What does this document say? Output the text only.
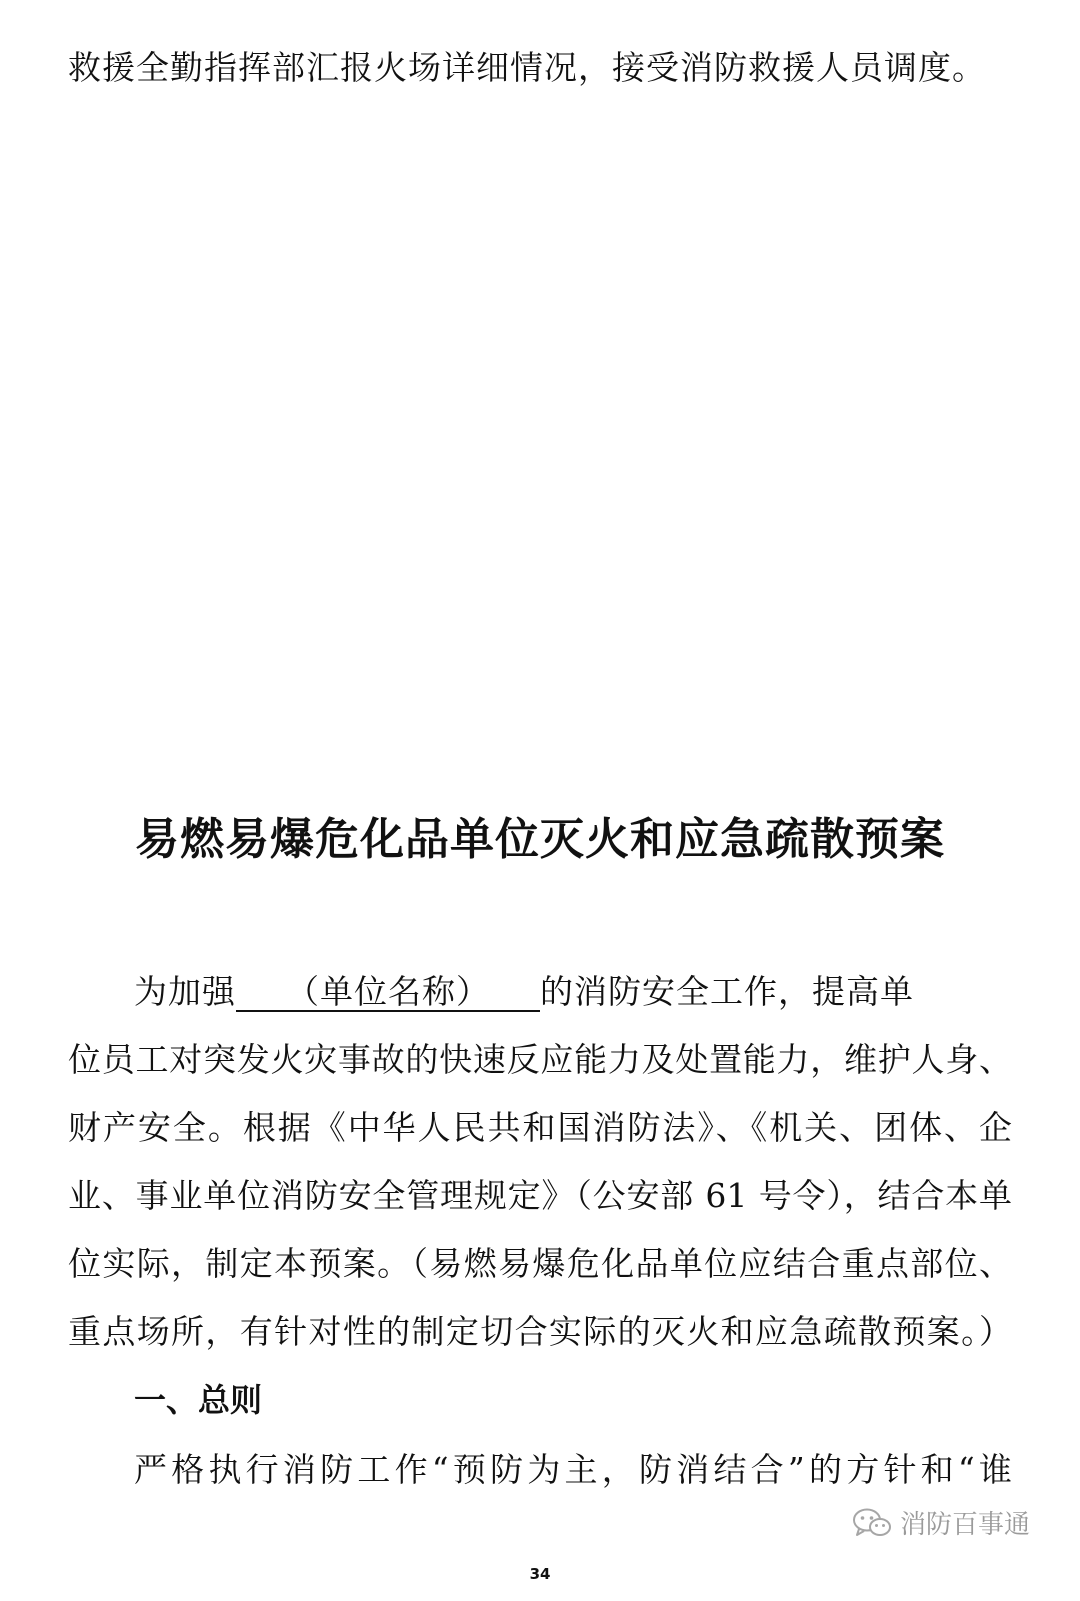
救援全勤指挥部汇报火场详细情况，接受消防救援人员调度。
易燃易爆危化品单位灭火和应急疏散预案
为加强 （单位名称） 的消防安全工作，提高单
位员工对突发火灾事故的快速反应能力及处置能力，维护人身、
财产安全。根据《中华人民共和国消防法》、《机关、团体、企
业、事业单位消防安全管理规定》（公安部 61 号令），结合本单
位实际，制定本预案。（易燃易爆危化品单位应结合重点部位、
重点场所，有针对性的制定切合实际的灭火和应急疏散预案。）
一、总则
严格执行消防工作“预防为主，防消结合”的方针和“谁
消防百事通
34
